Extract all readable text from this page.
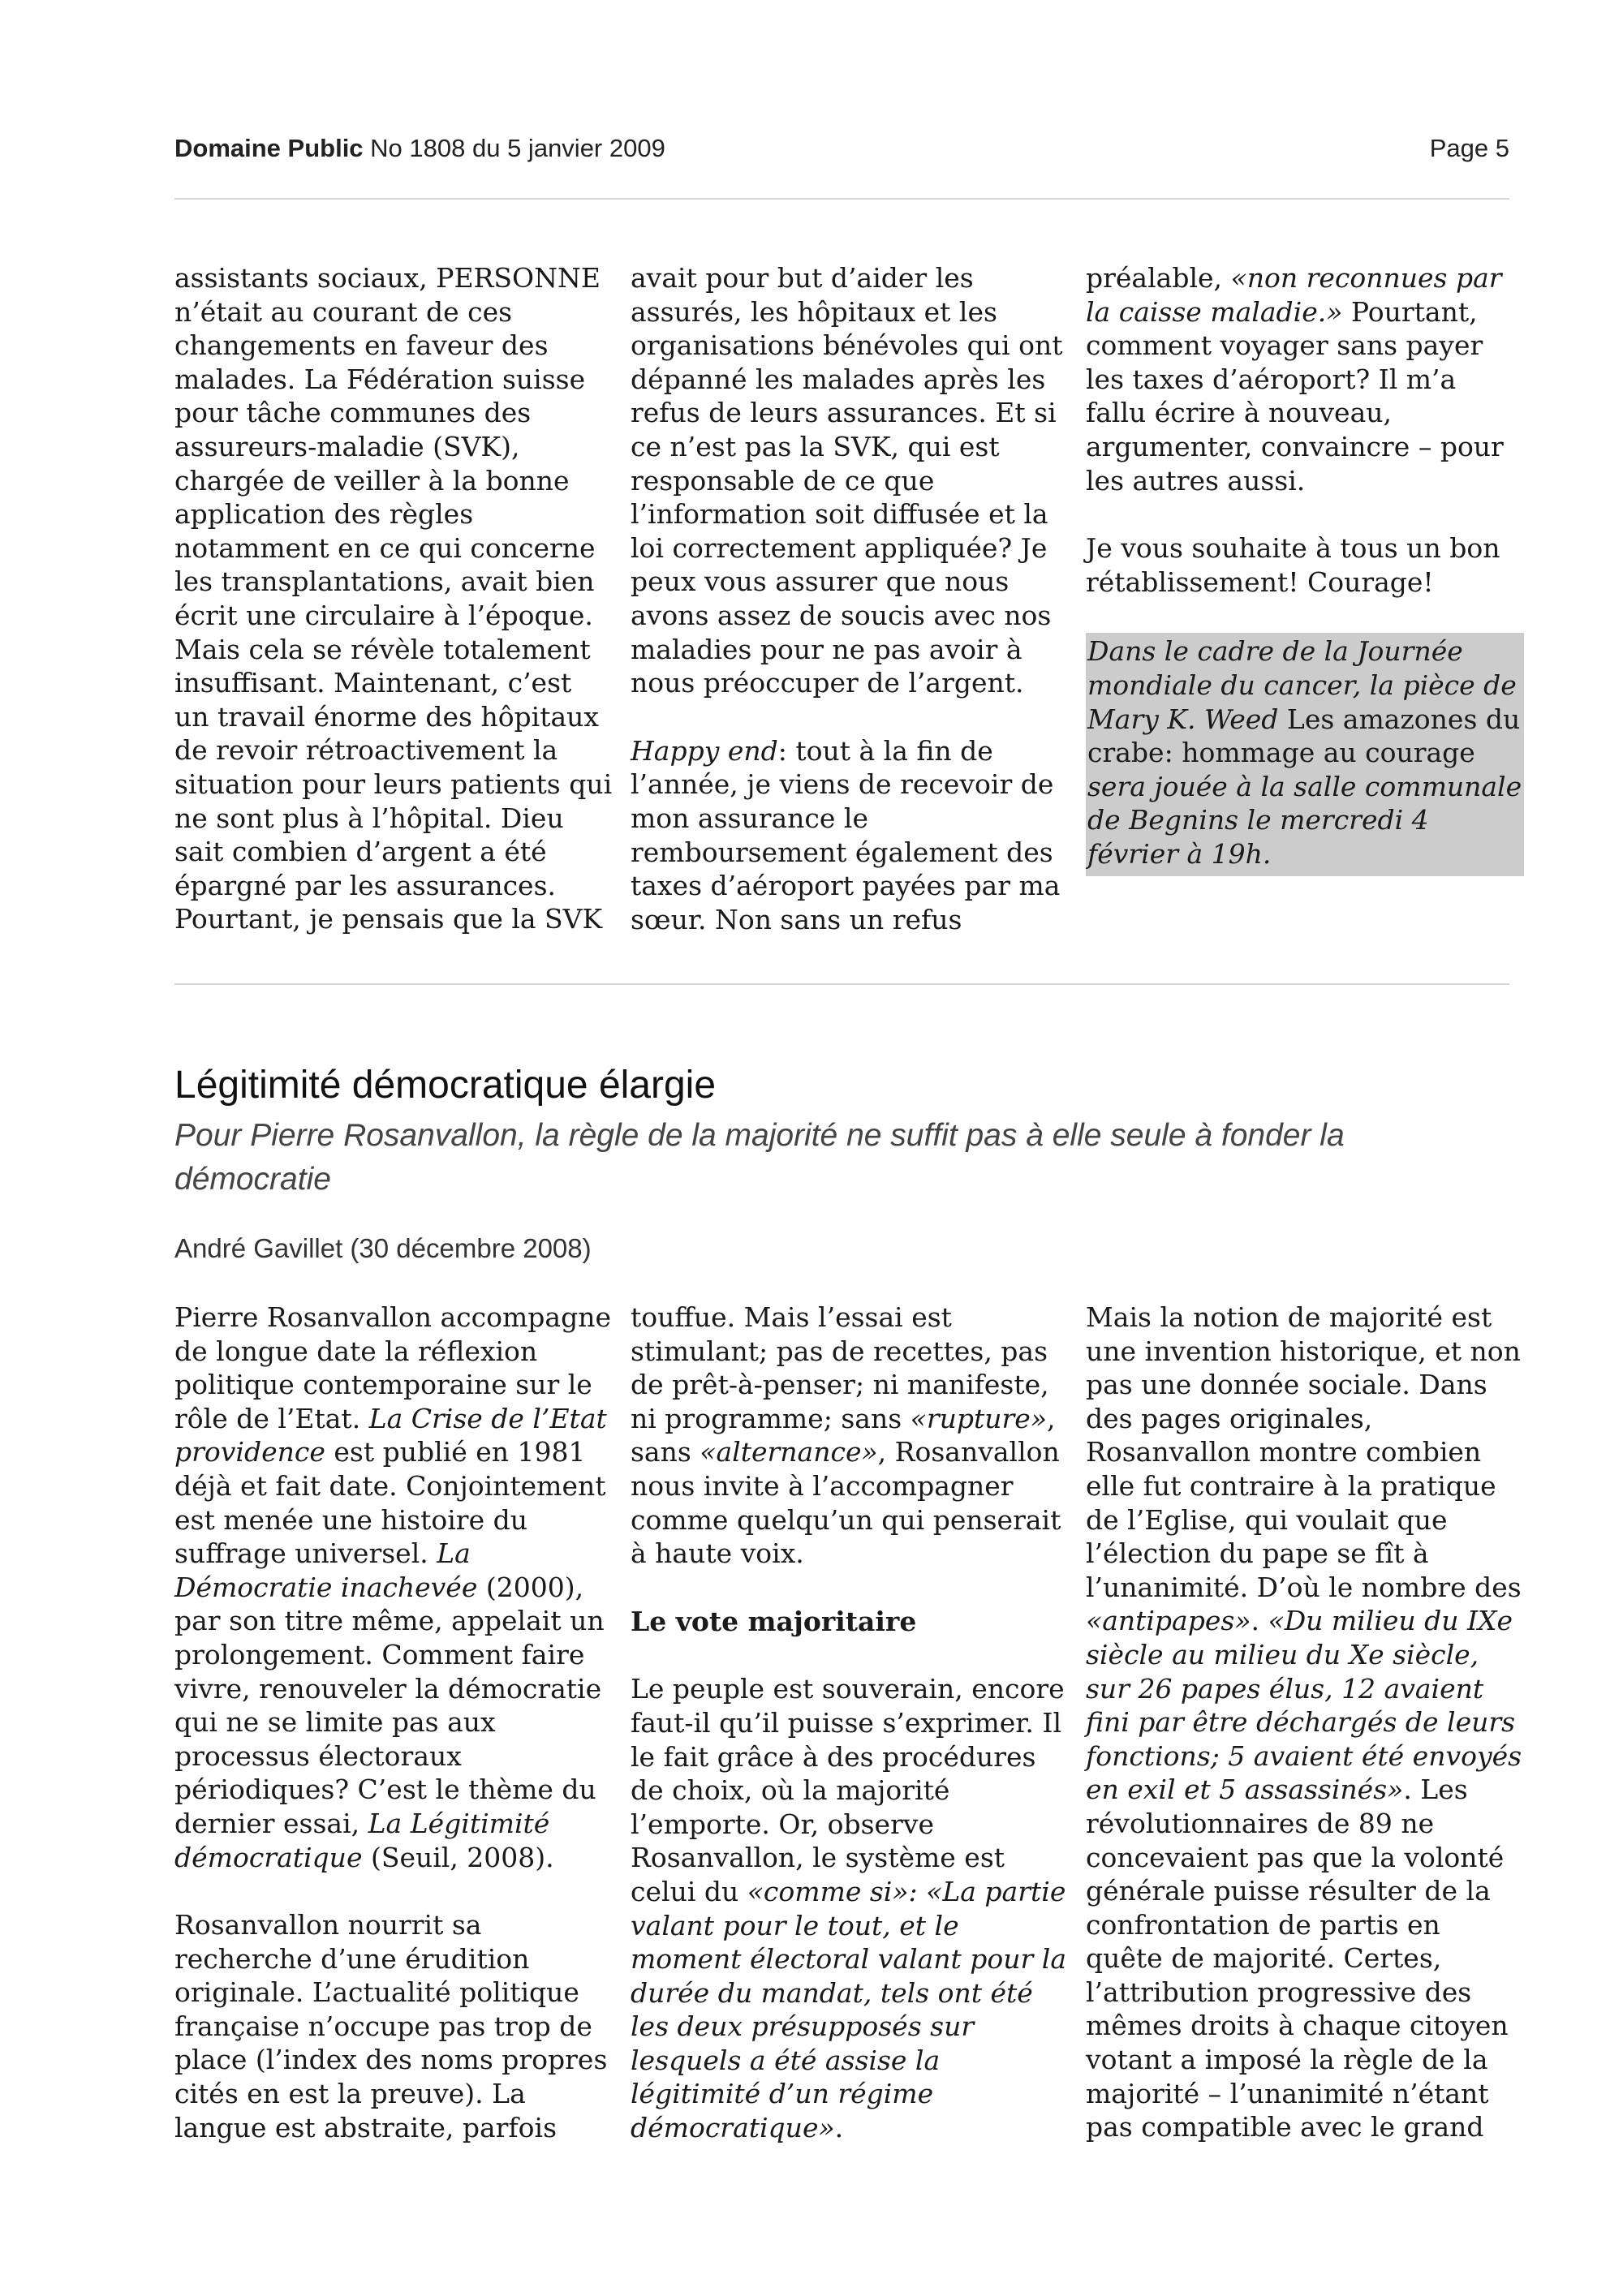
Domaine Public No 1808 du 5 janvier 2009	Page 5

assistants sociaux, PERSONNE n’était au courant de ces changements en faveur des malades. La Fédération suisse pour tâche communes des assureurs-maladie (SVK), chargée de veiller à la bonne application des règles notamment en ce qui concerne les transplantations, avait bien écrit une circulaire à l’époque. Mais cela se révèle totalement insuffisant. Maintenant, c’est un travail énorme des hôpitaux de revoir rétroactivement la situation pour leurs patients qui ne sont plus à l’hôpital. Dieu sait combien d’argent a été épargné par les assurances. Pourtant, je pensais que la SVK

avait pour but d’aider les assurés, les hôpitaux et les organisations bénévoles qui ont dépanné les malades après les refus de leurs assurances. Et si ce n’est pas la SVK, qui est responsable de ce que l’information soit diffusée et la loi correctement appliquée? Je peux vous assurer que nous avons assez de soucis avec nos maladies pour ne pas avoir à nous préoccuper de l’argent.

Happy end: tout à la fin de l’année, je viens de recevoir de mon assurance le remboursement également des taxes d’aéroport payées par ma sœur. Non sans un refus

préalable, «non reconnues par la caisse maladie.» Pourtant, comment voyager sans payer les taxes d’aéroport? Il m’a fallu écrire à nouveau, argumenter, convaincre – pour les autres aussi.

Je vous souhaite à tous un bon rétablissement! Courage!

Dans le cadre de la Journée mondiale du cancer, la pièce de Mary K. Weed Les amazones du crabe: hommage au courage sera jouée à la salle communale de Begnins le mercredi 4 février à 19h.
Légitimité démocratique élargie
Pour Pierre Rosanvallon, la règle de la majorité ne suffit pas à elle seule à fonder la démocratie
André Gavillet (30 décembre 2008)

Pierre Rosanvallon accompagne de longue date la réflexion politique contemporaine sur le rôle de l’Etat. La Crise de l’Etat providence est publié en 1981 déjà et fait date. Conjointement est menée une histoire du suffrage universel. La Démocratie inachevée (2000), par son titre même, appelait un prolongement. Comment faire vivre, renouveler la démocratie qui ne se limite pas aux processus électoraux périodiques? C’est le thème du dernier essai, La Légitimité démocratique (Seuil, 2008).

Rosanvallon nourrit sa recherche d’une érudition originale. L’actualité politique française n’occupe pas trop de place (l’index des noms propres cités en est la preuve). La langue est abstraite, parfois

touffue. Mais l’essai est stimulant; pas de recettes, pas de prêt-à-penser; ni manifeste, ni programme; sans «rupture», sans «alternance», Rosanvallon nous invite à l’accompagner comme quelqu’un qui penserait à haute voix.

Le vote majoritaire

Le peuple est souverain, encore faut-il qu’il puisse s’exprimer. Il le fait grâce à des procédures de choix, où la majorité l’emporte. Or, observe Rosanvallon, le système est celui du «comme si»: «La partie valant pour le tout, et le moment électoral valant pour la durée du mandat, tels ont été les deux présupposés sur lesquels a été assise la légitimité d’un régime démocratique».

Mais la notion de majorité est une invention historique, et non pas une donnée sociale. Dans des pages originales, Rosanvallon montre combien elle fut contraire à la pratique de l’Eglise, qui voulait que l’élection du pape se fît à l’unanimité. D’où le nombre des «antipapes». «Du milieu du IXe siècle au milieu du Xe siècle, sur 26 papes élus, 12 avaient fini par être déchargés de leurs fonctions; 5 avaient été envoyés en exil et 5 assassinés». Les révolutionnaires de 89 ne concevaient pas que la volonté générale puisse résulter de la confrontation de partis en quête de majorité. Certes, l’attribution progressive des mêmes droits à chaque citoyen votant a imposé la règle de la majorité – l’unanimité n’étant pas compatible avec le grand
